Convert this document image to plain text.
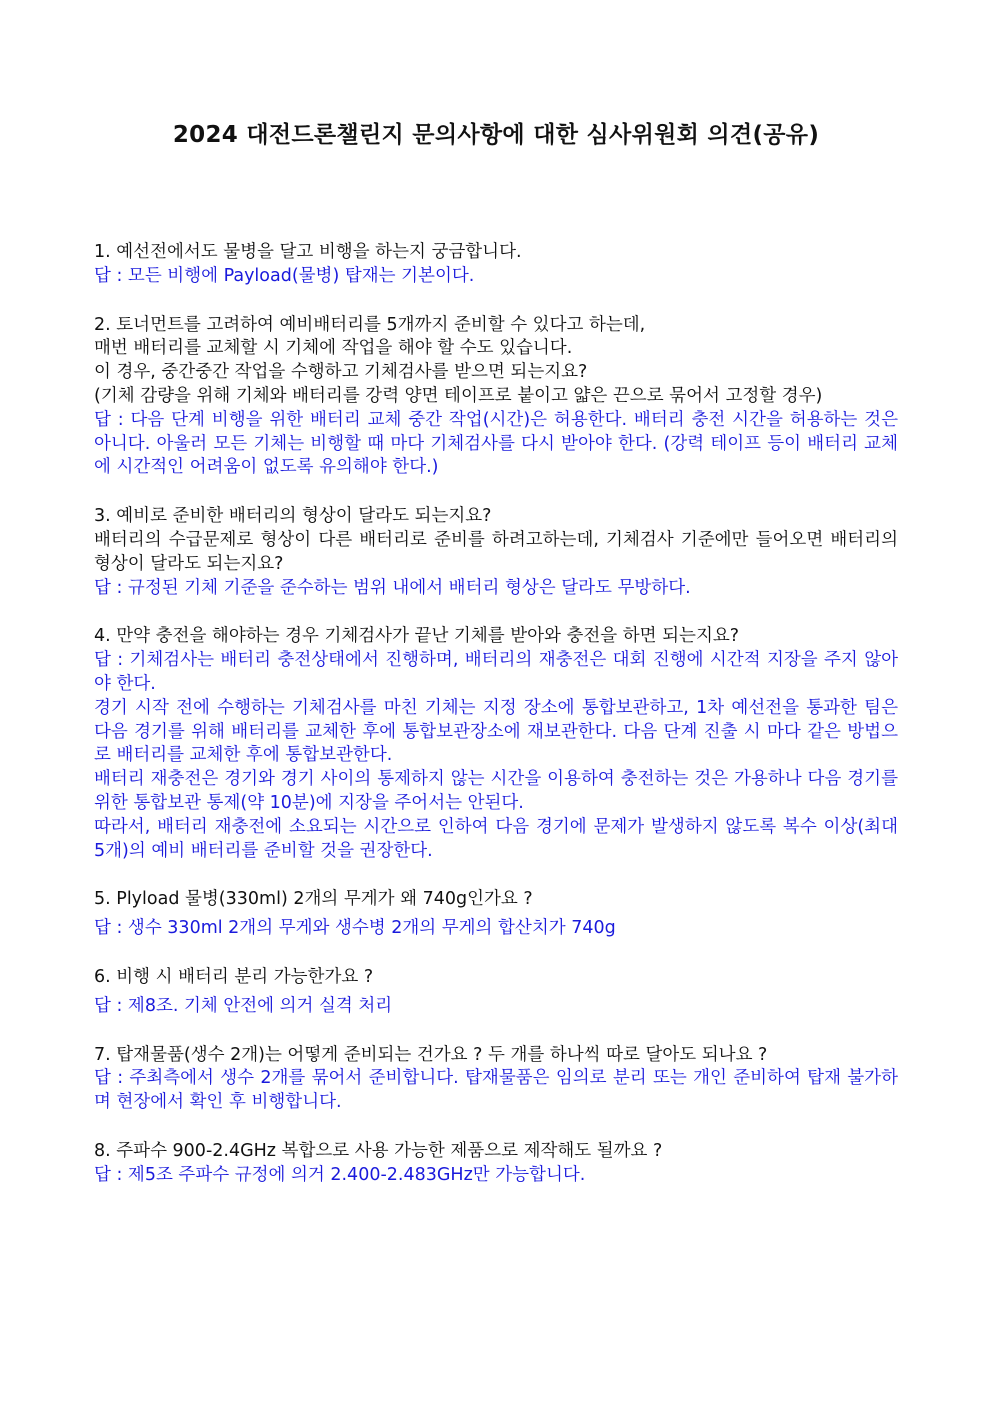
2024 대전드론챌린지 문의사항에 대한 심사위원회 의견(공유)

1. 예선전에서도 물병을 달고 비행을 하는지 궁금합니다.

답 : 모든 비행에 Payload(물병) 탑재는 기본이다.

2. 토너먼트를 고려하여 예비배터리를 5개까지 준비할 수 있다고 하는데,
매번 배터리를 교체할 시 기체에 작업을 해야 할 수도 있습니다.
이 경우, 중간중간 작업을 수행하고 기체검사를 받으면 되는지요?
(기체 감량을 위해 기체와 배터리를 강력 양면 테이프로 붙이고 얇은 끈으로 묶어서 고정할 경우)

답 : 다음 단계 비행을 위한 배터리 교체 중간 작업(시간)은 허용한다. 배터리 충전 시간을 허용하는 것은 아니다. 아울러 모든 기체는 비행할 때 마다 기체검사를 다시 받아야 한다. (강력 테이프 등이 배터리 교체에 시간적인 어려움이 없도록 유의해야 한다.)

3. 예비로 준비한 배터리의 형상이 달라도 되는지요?
배터리의 수급문제로 형상이 다른 배터리로 준비를 하려고하는데, 기체검사 기준에만 들어오면 배터리의 형상이 달라도 되는지요?

답 : 규정된 기체 기준을 준수하는 범위 내에서 배터리 형상은 달라도 무방하다.

4. 만약 충전을 해야하는 경우 기체검사가 끝난 기체를 받아와 충전을 하면 되는지요?

답 : 기체검사는 배터리 충전상태에서 진행하며, 배터리의 재충전은 대회 진행에 시간적 지장을 주지 않아야 한다.
경기 시작 전에 수행하는 기체검사를 마친 기체는 지정 장소에 통합보관하고, 1차 예선전을 통과한 팀은 다음 경기를 위해 배터리를 교체한 후에 통합보관장소에 재보관한다. 다음 단계 진출 시 마다 같은 방법으로 배터리를 교체한 후에 통합보관한다.
배터리 재충전은 경기와 경기 사이의 통제하지 않는 시간을 이용하여 충전하는 것은 가용하나 다음 경기를 위한 통합보관 통제(약 10분)에 지장을 주어서는 안된다.
따라서, 배터리 재충전에 소요되는 시간으로 인하여 다음 경기에 문제가 발생하지 않도록 복수 이상(최대 5개)의 예비 배터리를 준비할 것을 권장한다.

5. Plyload 물병(330ml) 2개의 무게가 왜 740g인가요 ?

답 : 생수 330ml 2개의 무게와 생수병 2개의 무게의 합산치가 740g

6. 비행 시 배터리 분리 가능한가요 ?

답 : 제8조. 기체 안전에 의거 실격 처리

7. 탑재물품(생수 2개)는 어떻게 준비되는 건가요 ? 두 개를 하나씩 따로 달아도 되나요 ?

답 : 주최측에서 생수 2개를 묶어서 준비합니다. 탑재물품은 임의로 분리 또는 개인 준비하여 탑재 불가하며 현장에서 확인 후 비행합니다.

8. 주파수 900-2.4GHz 복합으로 사용 가능한 제품으로 제작해도 될까요 ?

답 : 제5조 주파수 규정에 의거 2.400-2.483GHz만 가능합니다.
